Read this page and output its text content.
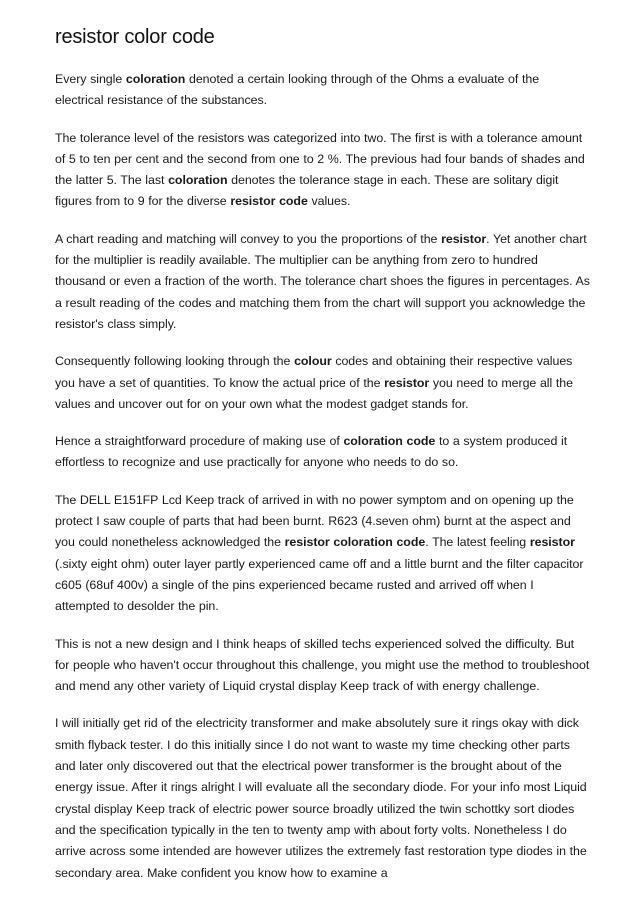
resistor color code

Every single coloration denoted a certain looking through of the Ohms a evaluate of the electrical resistance of the substances.

The tolerance level of the resistors was categorized into two. The first is with a tolerance amount of 5 to ten per cent and the second from one to 2 %. The previous had four bands of shades and the latter 5. The last coloration denotes the tolerance stage in each. These are solitary digit figures from to 9 for the diverse resistor code values.

A chart reading and matching will convey to you the proportions of the resistor. Yet another chart for the multiplier is readily available. The multiplier can be anything from zero to hundred thousand or even a fraction of the worth. The tolerance chart shoes the figures in percentages. As a result reading of the codes and matching them from the chart will support you acknowledge the resistor's class simply.

Consequently following looking through the colour codes and obtaining their respective values you have a set of quantities. To know the actual price of the resistor you need to merge all the values and uncover out for on your own what the modest gadget stands for.

Hence a straightforward procedure of making use of coloration code to a system produced it effortless to recognize and use practically for anyone who needs to do so.

The DELL E151FP Lcd Keep track of arrived in with no power symptom and on opening up the protect I saw couple of parts that had been burnt. R623 (4.seven ohm) burnt at the aspect and you could nonetheless acknowledged the resistor coloration code. The latest feeling resistor (.sixty eight ohm) outer layer partly experienced came off and a little burnt and the filter capacitor c605 (68uf 400v) a single of the pins experienced became rusted and arrived off when I attempted to desolder the pin.

This is not a new design and I think heaps of skilled techs experienced solved the difficulty. But for people who haven't occur throughout this challenge, you might use the method to troubleshoot and mend any other variety of Liquid crystal display Keep track of with energy challenge.

I will initially get rid of the electricity transformer and make absolutely sure it rings okay with dick smith flyback tester. I do this initially since I do not want to waste my time checking other parts and later only discovered out that the electrical power transformer is the brought about of the energy issue. After it rings alright I will evaluate all the secondary diode. For your info most Liquid crystal display Keep track of electric power source broadly utilized the twin schottky sort diodes and the specification typically in the ten to twenty amp with about forty volts. Nonetheless I do arrive across some intended are however utilizes the extremely fast restoration type diodes in the secondary area. Make confident you know how to examine a
